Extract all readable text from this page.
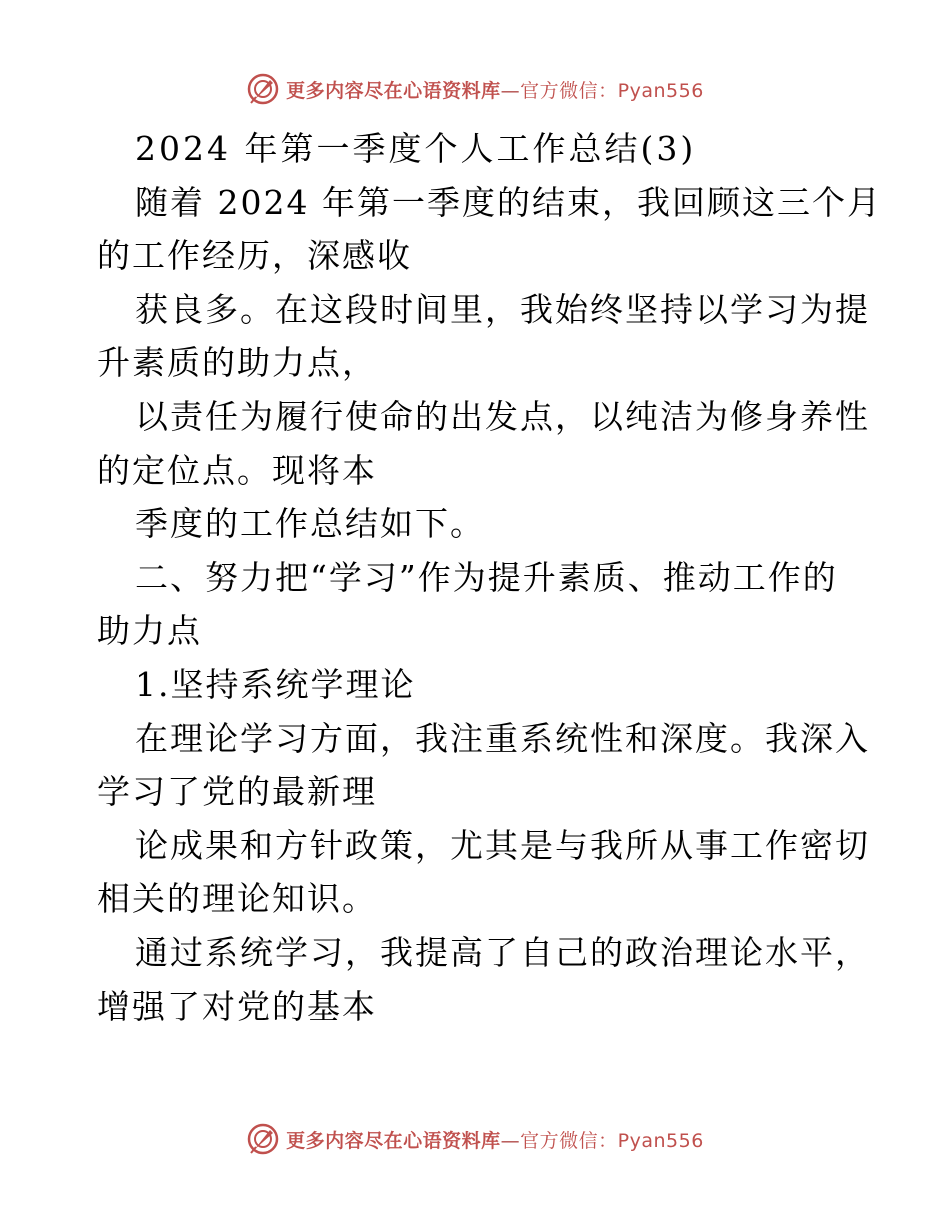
更多内容尽在心语资料库—官方微信：Pyan556
2024 年第一季度个人工作总结(3)
随着 2024 年第一季度的结束，我回顾这三个月
的工作经历，深感收
获良多。在这段时间里，我始终坚持以学习为提
升素质的助力点，
以责任为履行使命的出发点，以纯洁为修身养性
的定位点。现将本
季度的工作总结如下。
二、努力把“学习”作为提升素质、推动工作的
助力点
1.坚持系统学理论
在理论学习方面，我注重系统性和深度。我深入
学习了党的最新理
论成果和方针政策，尤其是与我所从事工作密切
相关的理论知识。
通过系统学习，我提高了自己的政治理论水平，
增强了对党的基本
更多内容尽在心语资料库—官方微信：Pyan556
